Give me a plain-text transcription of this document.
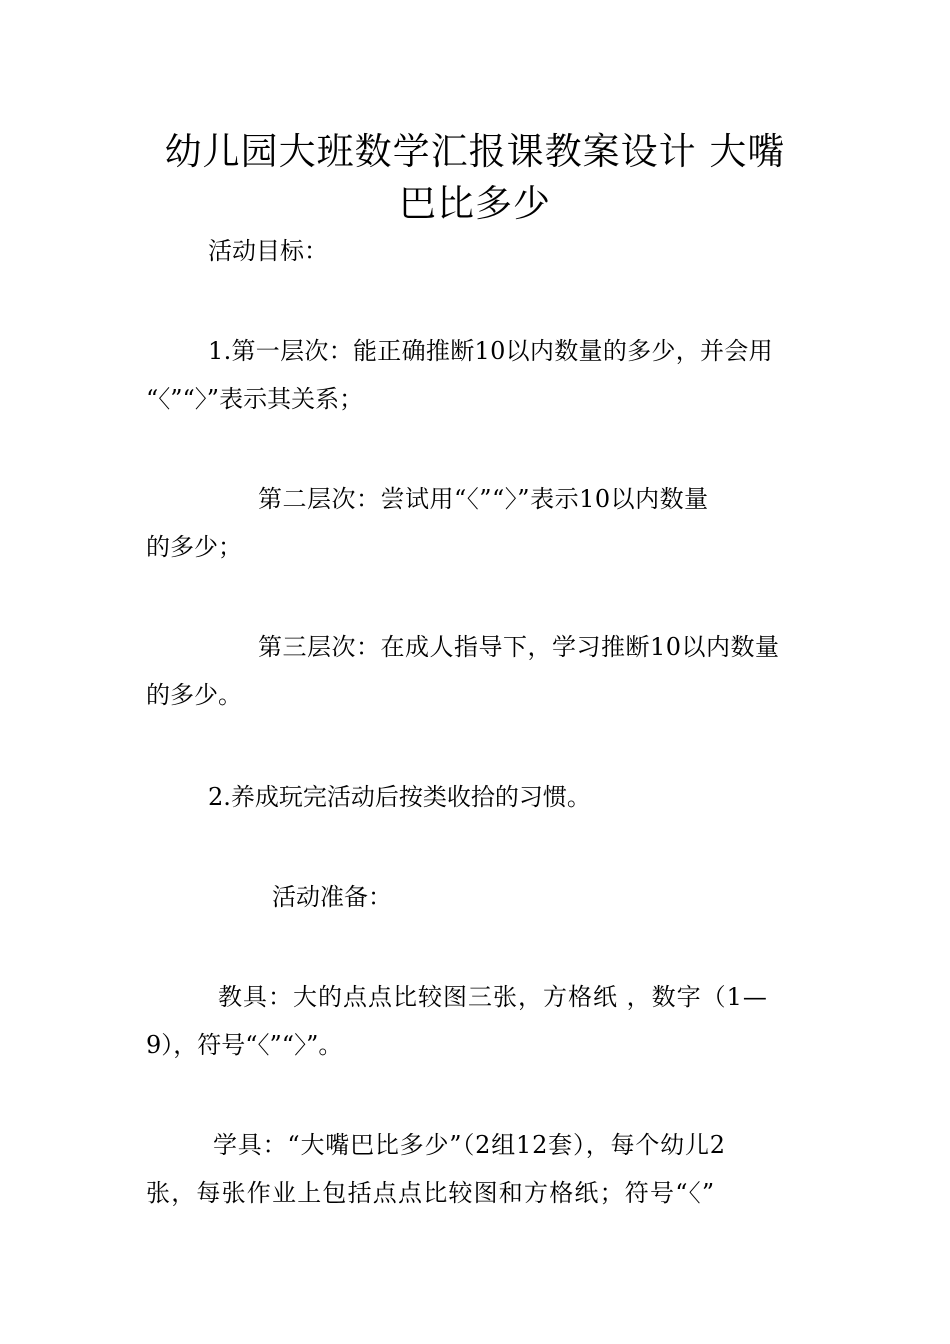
幼儿园大班数学汇报课教案设计 大嘴
巴比多少
活动目标：
1.第一层次：能正确推断10以内数量的多少，并会用
“〈”“〉”表示其关系；
第二层次：尝试用“〈”“〉”表示10以内数量
的多少；
第三层次：在成人指导下，学习推断10以内数量
的多少。
2.养成玩完活动后按类收拾的习惯。
活动准备：
教具：大的点点比较图三张，方格纸 ，数字（1—
9），符号“〈”“〉”。
学具：“大嘴巴比多少”（2组12套），每个幼儿2
张，每张作业上包括点点比较图和方格纸；符号“〈”
